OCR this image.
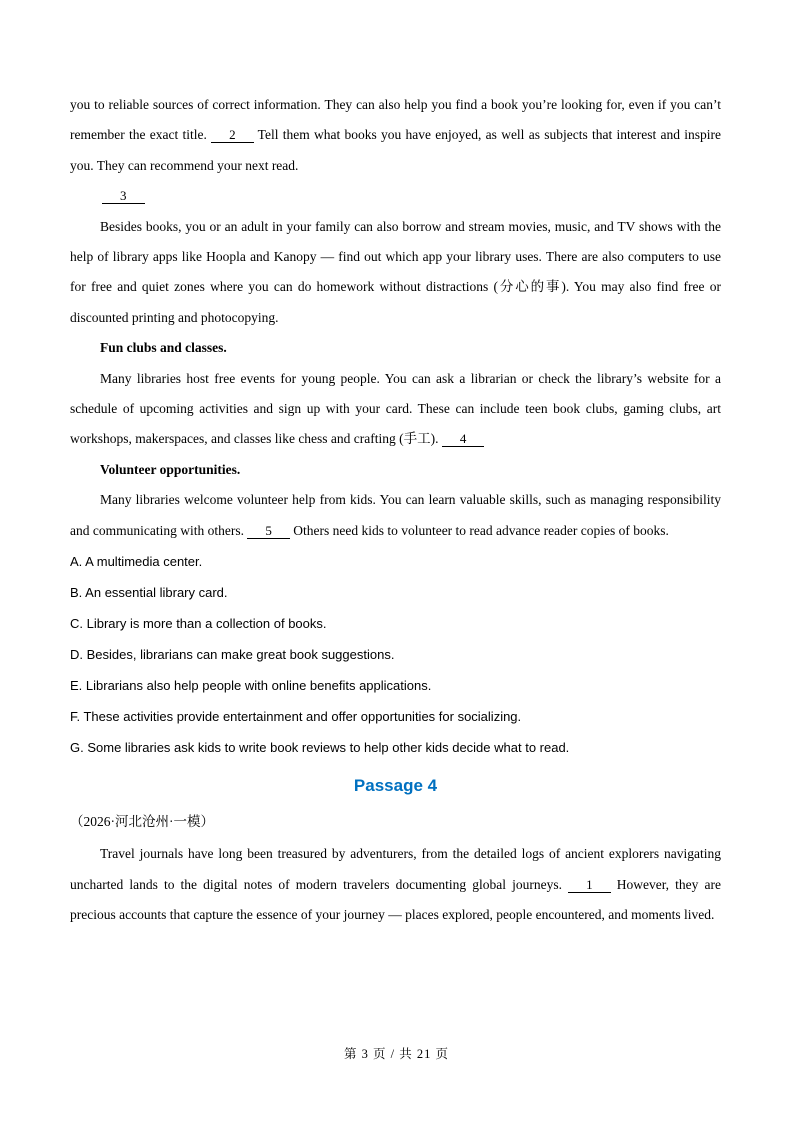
you to reliable sources of correct information. They can also help you find a book you’re looking for, even if you can’t remember the exact title. 2 Tell them what books you have enjoyed, as well as subjects that interest and inspire you. They can recommend your next read.

3

Besides books, you or an adult in your family can also borrow and stream movies, music, and TV shows with the help of library apps like Hoopla and Kanopy — find out which app your library uses. There are also computers to use for free and quiet zones where you can do homework without distractions (分心的事). You may also find free or discounted printing and photocopying.

Fun clubs and classes.

Many libraries host free events for young people. You can ask a librarian or check the library’s website for a schedule of upcoming activities and sign up with your card. These can include teen book clubs, gaming clubs, art workshops, makerspaces, and classes like chess and crafting (手工). 4

Volunteer opportunities.

Many libraries welcome volunteer help from kids. You can learn valuable skills, such as managing responsibility and communicating with others. 5 Others need kids to volunteer to read advance reader copies of books.

A. A multimedia center.

B. An essential library card.

C. Library is more than a collection of books.

D. Besides, librarians can make great book suggestions.

E. Librarians also help people with online benefits applications.

F. These activities provide entertainment and offer opportunities for socializing.

G. Some libraries ask kids to write book reviews to help other kids decide what to read.

Passage 4

（2026·河北沧州·一模）

Travel journals have long been treasured by adventurers, from the detailed logs of ancient explorers navigating uncharted lands to the digital notes of modern travelers documenting global journeys. 1 However, they are precious accounts that capture the essence of your journey — places explored, people encountered, and moments lived.

第 3 页 / 共 21 页
